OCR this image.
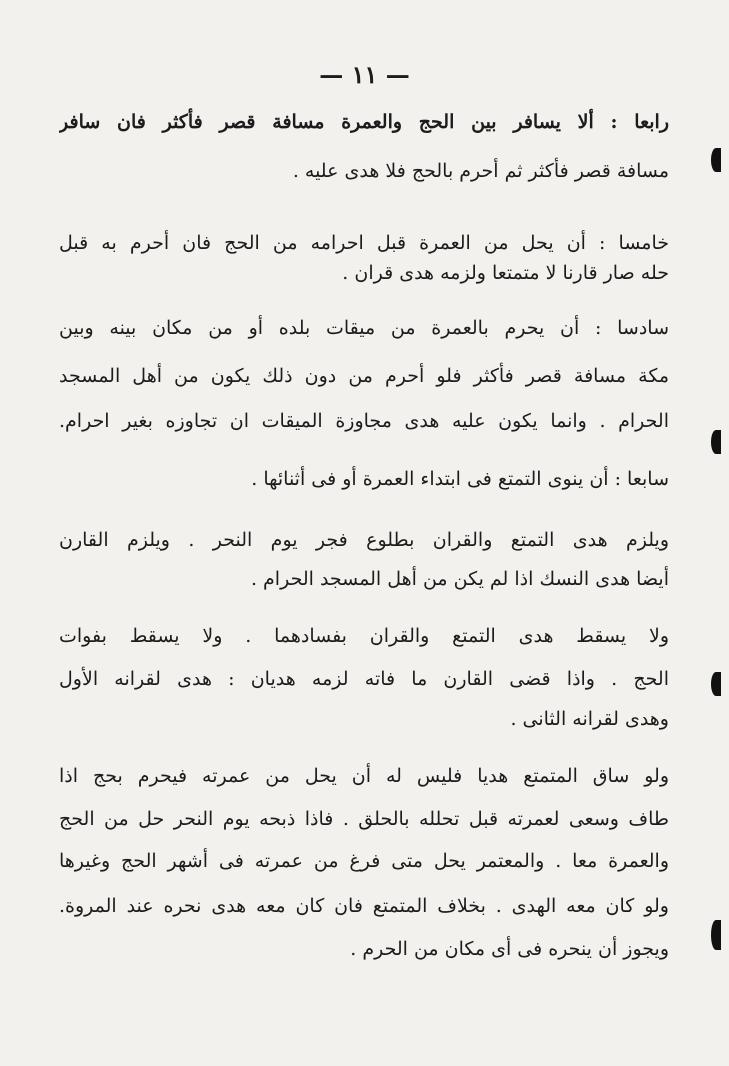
— ١١ —
رابعا : ألا يسافر بين الحج والعمرة مسافة قصر فأكثر فان سافر
مسافة قصر فأكثر ثم أحرم بالحج فلا هدى عليه .
خامسا : أن يحل من العمرة قبل احرامه من الحج فان أحرم به قبل
حله صار قارنا لا متمتعا ولزمه هدى قران .
سادسا : أن يحرم بالعمرة من ميقات بلده أو من مكان بينه وبين
مكة مسافة قصر فأكثر فلو أحرم من دون ذلك يكون من أهل المسجد
الحرام . وانما يكون عليه هدى مجاوزة الميقات ان تجاوزه بغير احرام.
سابعا : أن ينوى التمتع فى ابتداء العمرة أو فى أثنائها .
ويلزم هدى التمتع والقران بطلوع فجر يوم النحر . ويلزم القارن
أيضا هدى النسك اذا لم يكن من أهل المسجد الحرام .
ولا يسقط هدى التمتع والقران بفسادهما . ولا يسقط بفوات
الحج . واذا قضى القارن ما فاته لزمه هديان : هدى لقرانه الأول
وهدى لقرانه الثانى .
ولو ساق المتمتع هديا فليس له أن يحل من عمرته فيحرم بحج اذا
طاف وسعى لعمرته قبل تحلله بالحلق . فاذا ذبحه يوم النحر حل من الحج
والعمرة معا . والمعتمر يحل متى فرغ من عمرته فى أشهر الحج وغيرها
ولو كان معه الهدى . بخلاف المتمتع فان كان معه هدى نحره عند المروة.
ويجوز أن ينحره فى أى مكان من الحرم .
